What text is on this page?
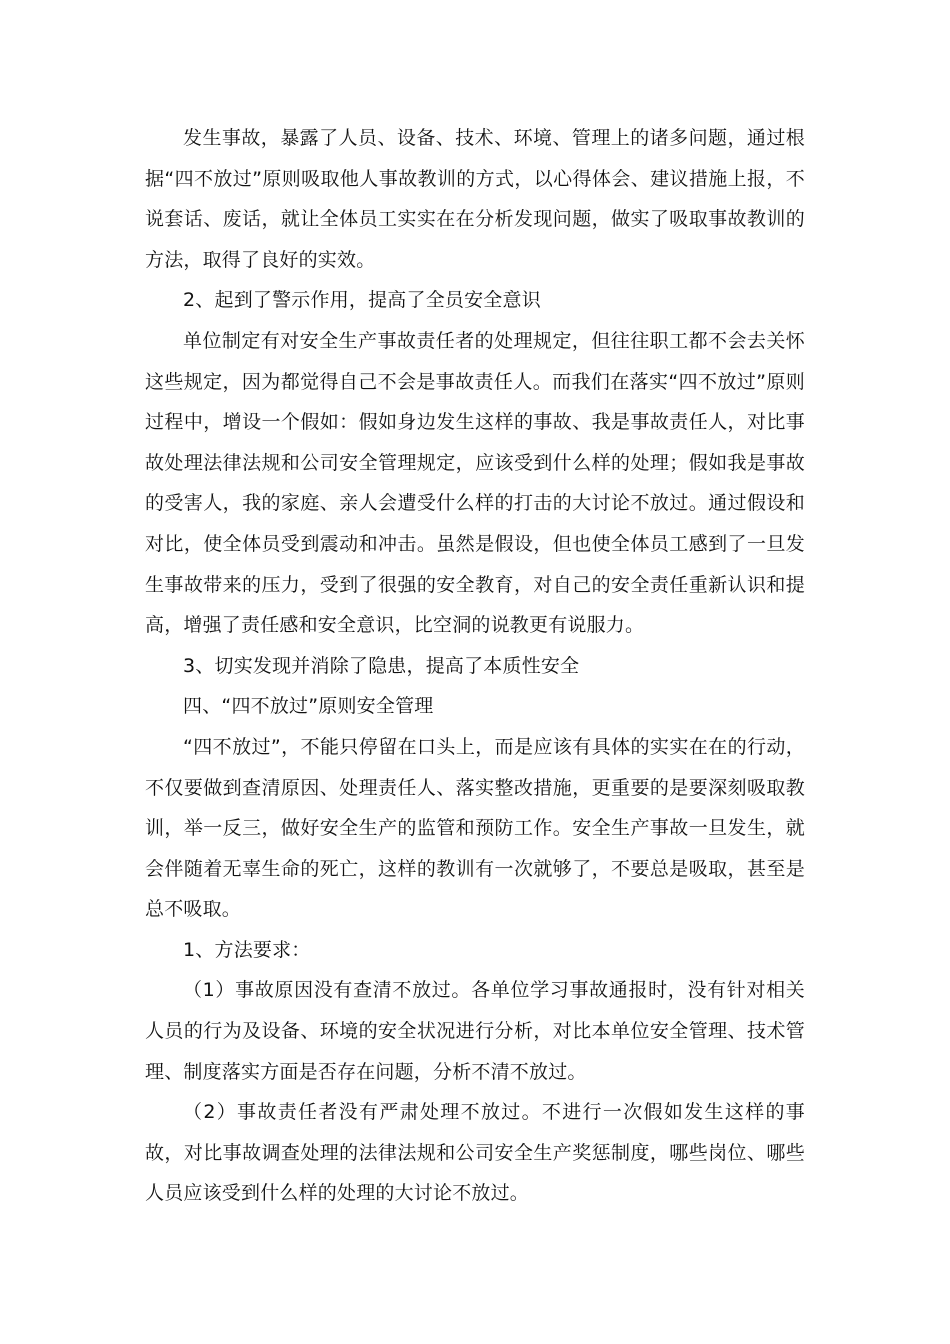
发生事故，暴露了人员、设备、技术、环境、管理上的诸多问题，通过根据“四不放过”原则吸取他人事故教训的方式，以心得体会、建议措施上报，不说套话、废话，就让全体员工实实在在分析发现问题，做实了吸取事故教训的方法，取得了良好的实效。

2、起到了警示作用，提高了全员安全意识

单位制定有对安全生产事故责任者的处理规定，但往往职工都不会去关怀这些规定，因为都觉得自己不会是事故责任人。而我们在落实“四不放过”原则过程中，增设一个假如：假如身边发生这样的事故、我是事故责任人，对比事故处理法律法规和公司安全管理规定，应该受到什么样的处理；假如我是事故的受害人，我的家庭、亲人会遭受什么样的打击的大讨论不放过。通过假设和对比，使全体员受到震动和冲击。虽然是假设，但也使全体员工感到了一旦发生事故带来的压力，受到了很强的安全教育，对自己的安全责任重新认识和提高，增强了责任感和安全意识，比空洞的说教更有说服力。

3、切实发现并消除了隐患，提高了本质性安全

四、“四不放过”原则安全管理

“四不放过”，不能只停留在口头上，而是应该有具体的实实在在的行动，不仅要做到查清原因、处理责任人、落实整改措施，更重要的是要深刻吸取教训，举一反三，做好安全生产的监管和预防工作。安全生产事故一旦发生，就会伴随着无辜生命的死亡，这样的教训有一次就够了，不要总是吸取，甚至是总不吸取。

1、方法要求：

（1）事故原因没有查清不放过。各单位学习事故通报时，没有针对相关人员的行为及设备、环境的安全状况进行分析，对比本单位安全管理、技术管理、制度落实方面是否存在问题，分析不清不放过。

（2）事故责任者没有严肃处理不放过。不进行一次假如发生这样的事故，对比事故调查处理的法律法规和公司安全生产奖惩制度，哪些岗位、哪些人员应该受到什么样的处理的大讨论不放过。
